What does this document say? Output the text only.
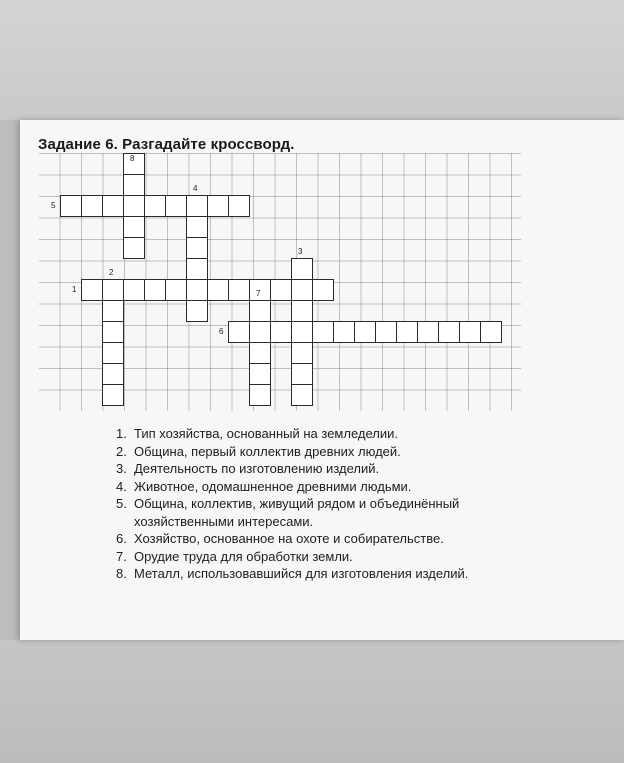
Задание 6. Разгадайте кроссворд.
1
2
3
4
5
6
7
8
1. Тип хозяйства, основанный на земледелии.
2. Община, первый коллектив древних людей.
3. Деятельность по изготовлению изделий.
4. Животное, одомашненное древними людьми.
5. Община, коллектив, живущий рядом и объединённый
хозяйственными интересами.
6. Хозяйство, основанное на охоте и собирательстве.
7. Орудие труда для обработки земли.
8. Металл, использовавшийся для изготовления изделий.
